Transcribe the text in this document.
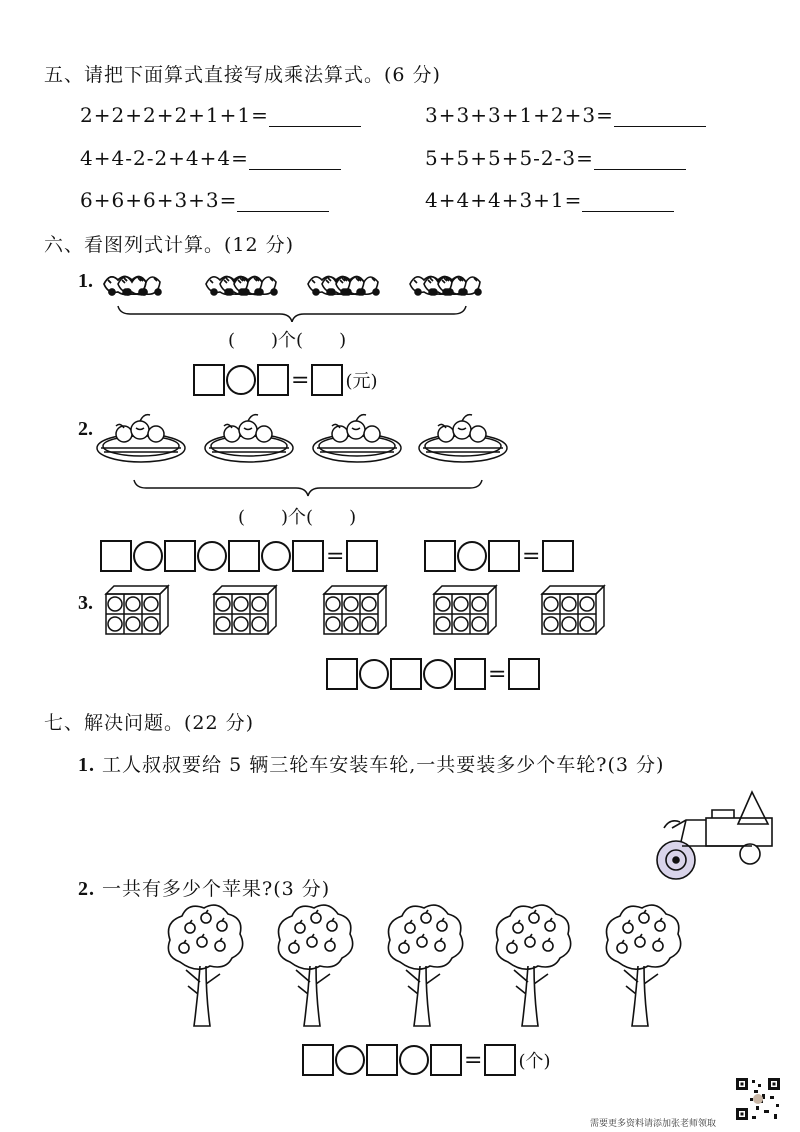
五、请把下面算式直接写成乘法算式。(6 分)
2+2+2+2+1+1=	3+3+3+1+2+3=
4+4-2-2+4+4=	5+5+5+5-2-3=
6+6+6+3+3=	4+4+4+3+1=
六、看图列式计算。(12 分)
1.
(　　)个(　　)
= (元)
2.
(　　)个(　　)
=	=
3.
=
七、解决问题。(22 分)
1. 工人叔叔要给 5 辆三轮车安装车轮,一共要装多少个车轮?(3 分)
2. 一共有多少个苹果?(3 分)
= (个)
需要更多资料请添加张老师领取
